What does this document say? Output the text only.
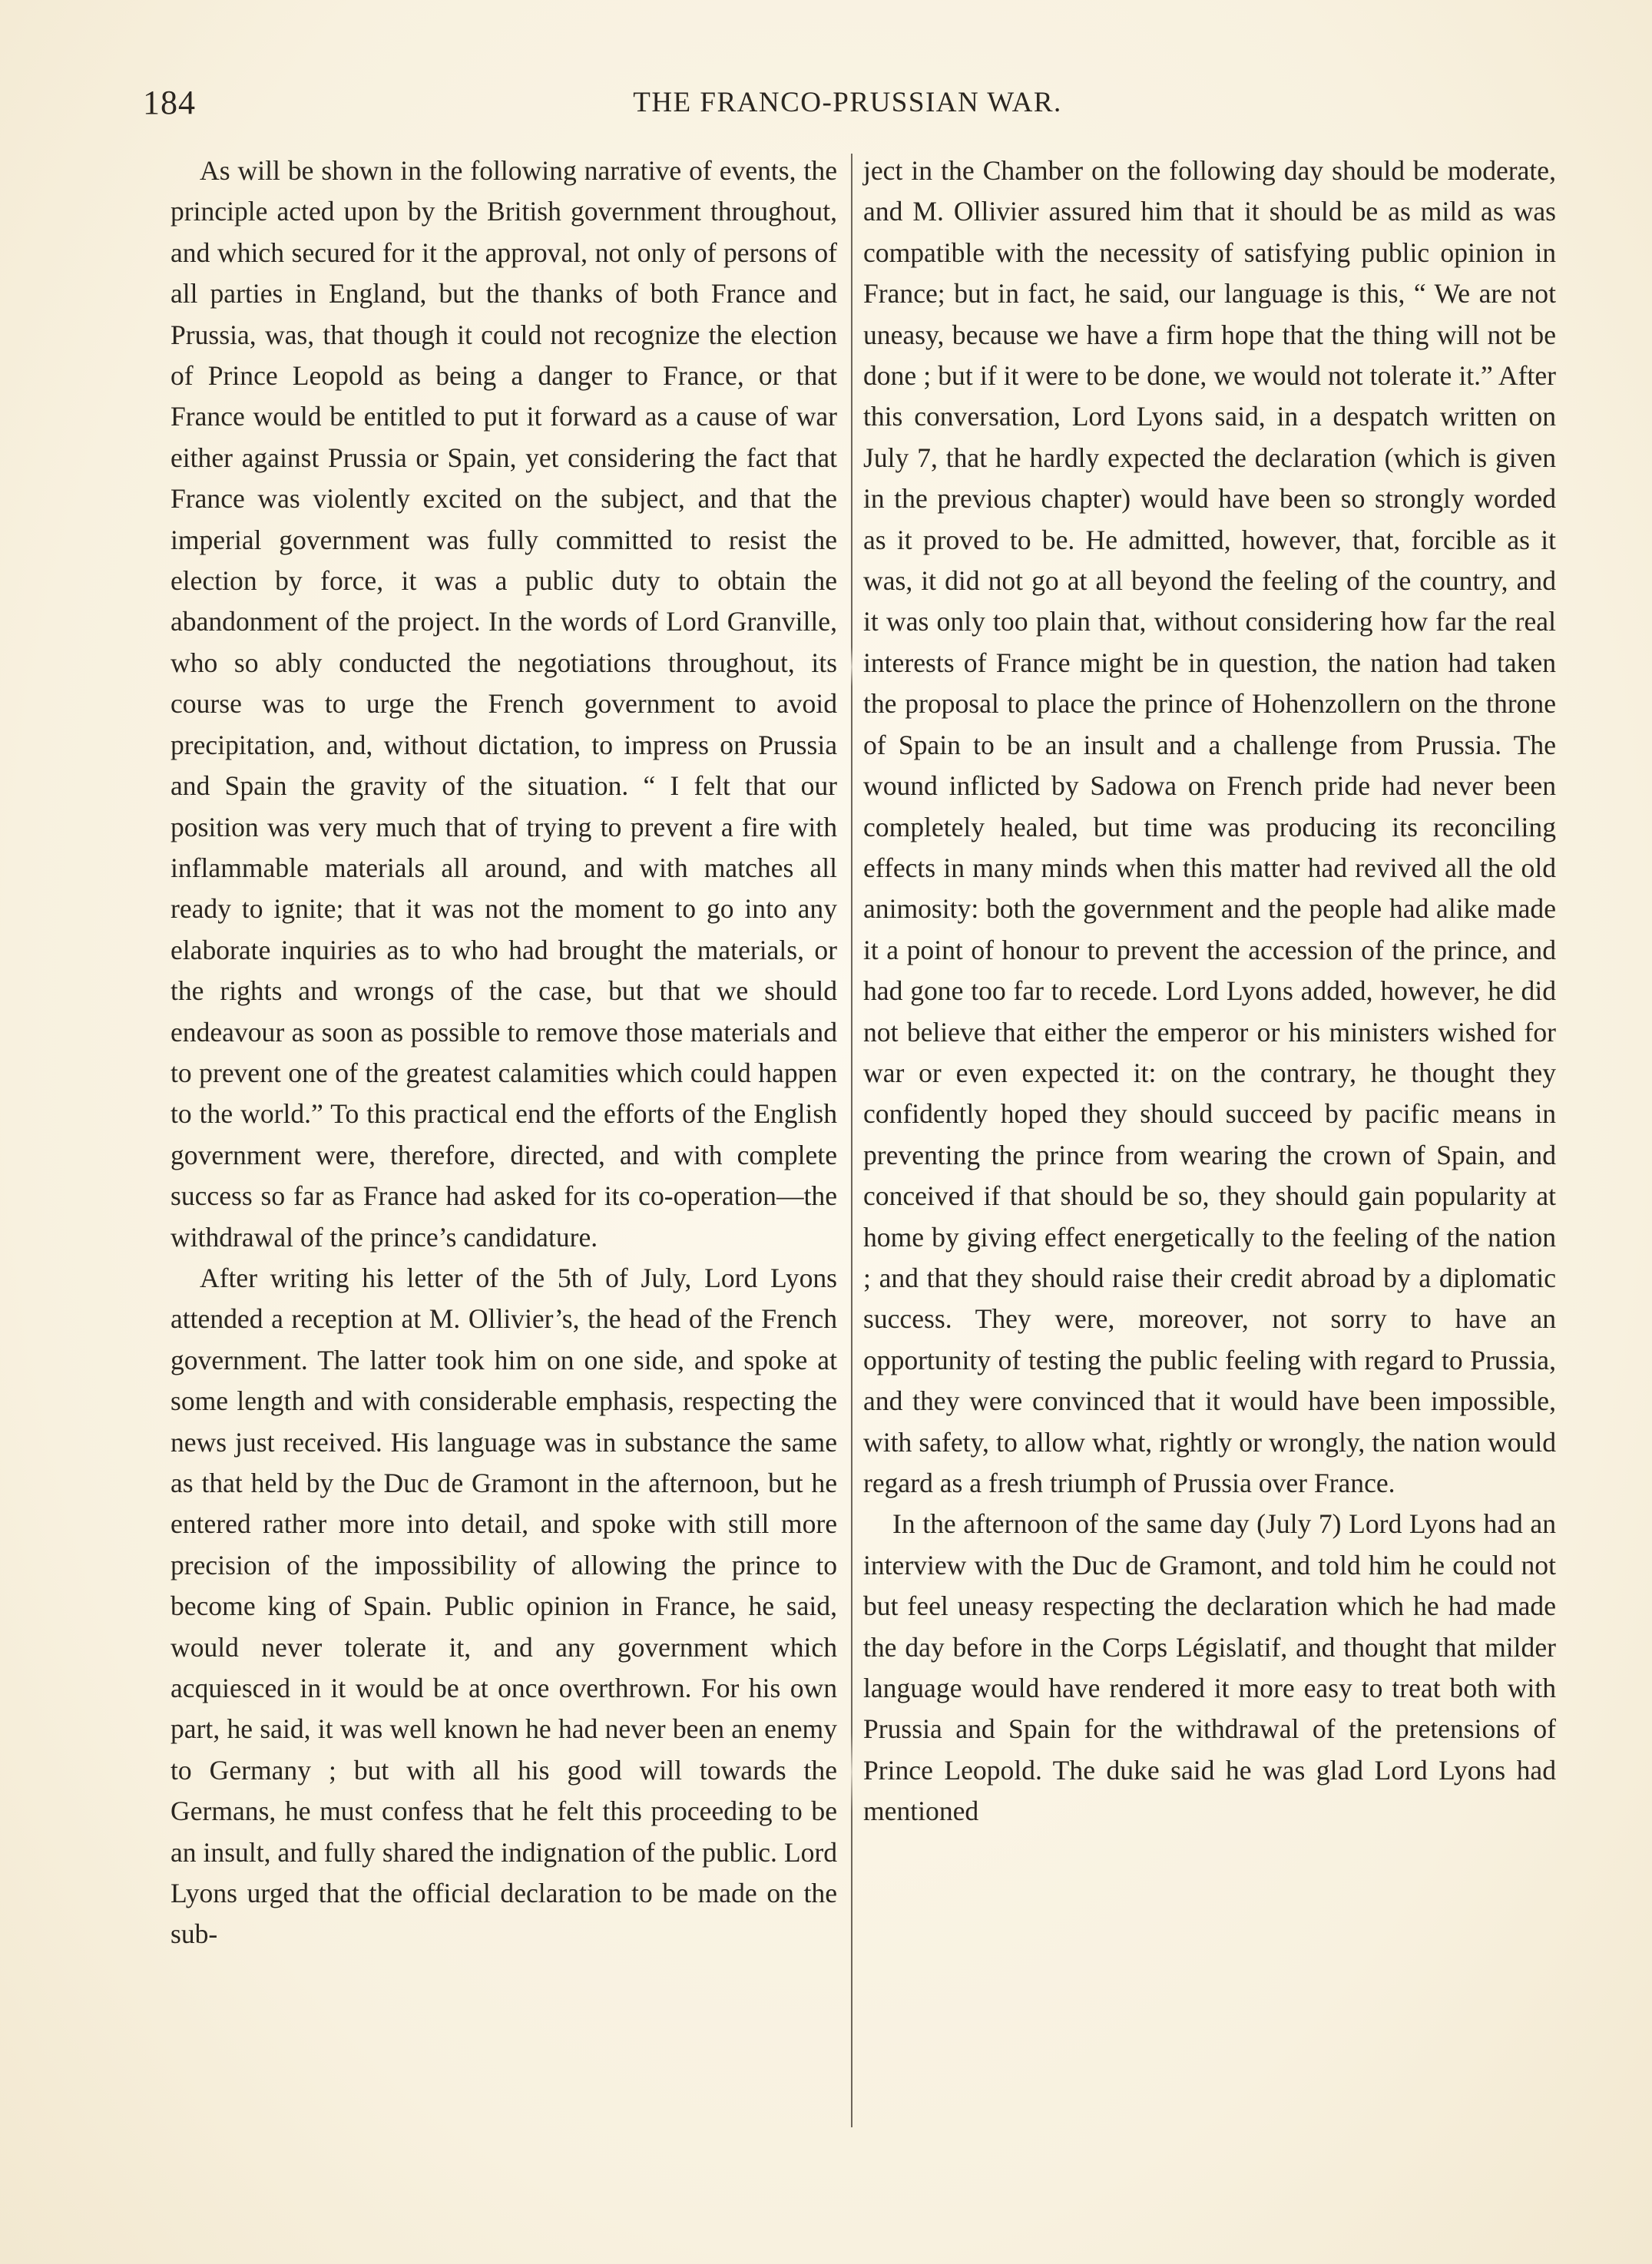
184	THE FRANCO-PRUSSIAN WAR.

As will be shown in the following narrative of events, the principle acted upon by the British government throughout, and which secured for it the approval, not only of persons of all parties in England, but the thanks of both France and Prussia, was, that though it could not recognize the election of Prince Leopold as being a danger to France, or that France would be entitled to put it forward as a cause of war either against Prussia or Spain, yet considering the fact that France was violently excited on the subject, and that the imperial government was fully committed to resist the election by force, it was a public duty to obtain the abandonment of the project. In the words of Lord Granville, who so ably conducted the negotiations throughout, its course was to urge the French government to avoid precipitation, and, without dictation, to impress on Prussia and Spain the gravity of the situation. “ I felt that our position was very much that of trying to prevent a fire with inflammable materials all around, and with matches all ready to ignite; that it was not the moment to go into any elaborate inquiries as to who had brought the materials, or the rights and wrongs of the case, but that we should endeavour as soon as possible to remove those materials and to prevent one of the greatest calamities which could happen to the world.” To this practical end the efforts of the English government were, therefore, directed, and with complete success so far as France had asked for its co-operation—the withdrawal of the prince’s candidature.

After writing his letter of the 5th of July, Lord Lyons attended a reception at M. Ollivier’s, the head of the French government. The latter took him on one side, and spoke at some length and with considerable emphasis, respecting the news just received. His language was in substance the same as that held by the Duc de Gramont in the afternoon, but he entered rather more into detail, and spoke with still more precision of the impossibility of allowing the prince to become king of Spain. Public opinion in France, he said, would never tolerate it, and any government which acquiesced in it would be at once overthrown. For his own part, he said, it was well known he had never been an enemy to Germany ; but with all his good will towards the Germans, he must confess that he felt this proceeding to be an insult, and fully shared the indignation of the public. Lord Lyons urged that the official declaration to be made on the sub-

ject in the Chamber on the following day should be moderate, and M. Ollivier assured him that it should be as mild as was compatible with the necessity of satisfying public opinion in France; but in fact, he said, our language is this, “ We are not uneasy, because we have a firm hope that the thing will not be done ; but if it were to be done, we would not tolerate it.” After this conversation, Lord Lyons said, in a despatch written on July 7, that he hardly expected the declaration (which is given in the previous chapter) would have been so strongly worded as it proved to be. He admitted, however, that, forcible as it was, it did not go at all beyond the feeling of the country, and it was only too plain that, without considering how far the real interests of France might be in question, the nation had taken the proposal to place the prince of Hohenzollern on the throne of Spain to be an insult and a challenge from Prussia. The wound inflicted by Sadowa on French pride had never been completely healed, but time was producing its reconciling effects in many minds when this matter had revived all the old animosity: both the government and the people had alike made it a point of honour to prevent the accession of the prince, and had gone too far to recede. Lord Lyons added, however, he did not believe that either the emperor or his ministers wished for war or even expected it: on the contrary, he thought they confidently hoped they should succeed by pacific means in preventing the prince from wearing the crown of Spain, and conceived if that should be so, they should gain popularity at home by giving effect energetically to the feeling of the nation ; and that they should raise their credit abroad by a diplomatic success. They were, moreover, not sorry to have an opportunity of testing the public feeling with regard to Prussia, and they were convinced that it would have been impossible, with safety, to allow what, rightly or wrongly, the nation would regard as a fresh triumph of Prussia over France.

In the afternoon of the same day (July 7) Lord Lyons had an interview with the Duc de Gramont, and told him he could not but feel uneasy respecting the declaration which he had made the day before in the Corps Législatif, and thought that milder language would have rendered it more easy to treat both with Prussia and Spain for the withdrawal of the pretensions of Prince Leopold. The duke said he was glad Lord Lyons had mentioned
